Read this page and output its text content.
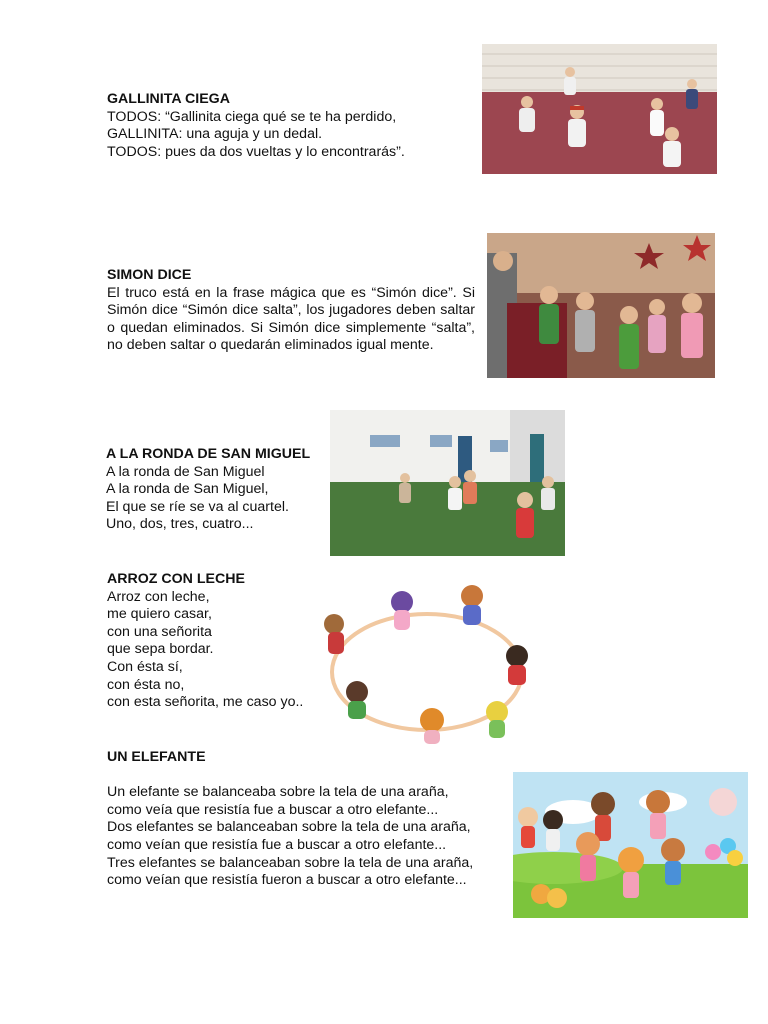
GALLINITA CIEGA

TODOS: “Gallinita ciega qué se te ha perdido,

GALLINITA: una aguja y un dedal.

TODOS: pues da dos vueltas y lo encontrarás”.

SIMON DICE

El truco está en la frase mágica que es “Simón dice”. Si Simón dice “Simón dice salta”, los jugadores deben saltar o quedan eliminados. Si Simón dice simplemente “salta”, no deben saltar o quedarán eliminados igual mente.

A LA RONDA DE SAN MIGUEL

A la ronda de San Miguel

A la ronda de San Miguel,

El que se ríe se va al cuartel.

Uno, dos, tres, cuatro...

ARROZ CON LECHE

Arroz con leche,

me quiero casar,

con una señorita

que sepa bordar.

Con ésta sí,

con ésta no,

con esta señorita, me caso yo..

UN ELEFANTE

Un elefante se balanceaba sobre la tela de una araña,

como veía que resistía fue a buscar a otro elefante...

Dos elefantes se balanceaban sobre la tela de una araña,

como veían que resistía fue a buscar a otro elefante...

Tres elefantes se balanceaban sobre la tela de una araña,

como veían que resistía fueron a buscar a otro elefante...
